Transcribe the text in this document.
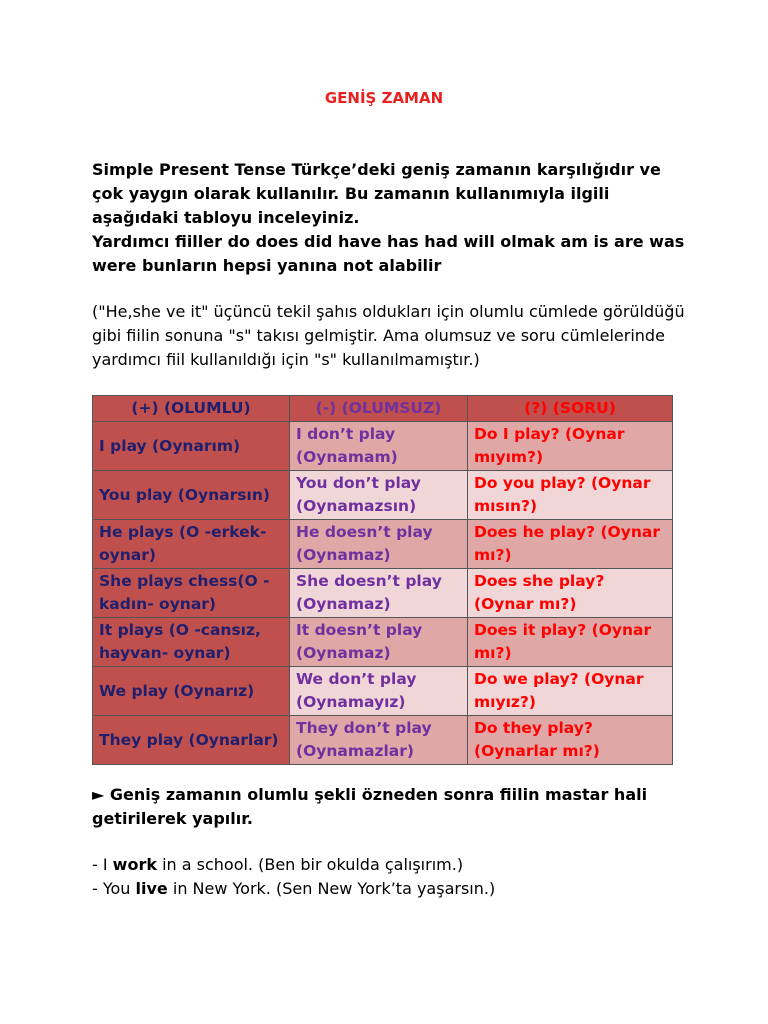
GENİŞ ZAMAN
Simple Present Tense Türkçe’deki geniş zamanın karşılığıdır ve çok yaygın olarak kullanılır. Bu zamanın kullanımıyla ilgili aşağıdaki tabloyu inceleyiniz.
Yardımcı fiiller do does did have has had will olmak am is are was were bunların hepsi yanına not alabilir
("He,she ve it" üçüncü tekil şahıs oldukları için olumlu cümlede görüldüğü gibi fiilin sonuna "s" takısı gelmiştir. Ama olumsuz ve soru cümlelerinde yardımcı fiil kullanıldığı için "s" kullanılmamıştır.)
(+) (OLUMLU)	(-) (OLUMSUZ)	(?) (SORU)
I play (Oynarım)	I don’t play (Oynamam)	Do I play? (Oynar mıyım?)
You play (Oynarsın)	You don’t play (Oynamazsın)	Do you play? (Oynar mısın?)
He plays (O -erkek- oynar)	He doesn’t play (Oynamaz)	Does he play? (Oynar mı?)
She plays chess(O - kadın- oynar)	She doesn’t play (Oynamaz)	Does she play? (Oynar mı?)
It plays (O -cansız, hayvan- oynar)	It doesn’t play (Oynamaz)	Does it play? (Oynar mı?)
We play (Oynarız)	We don’t play (Oynamayız)	Do we play? (Oynar mıyız?)
They play (Oynarlar)	They don’t play (Oynamazlar)	Do they play? (Oynarlar mı?)
► Geniş zamanın olumlu şekli özneden sonra fiilin mastar hali getirilerek yapılır.
- I work in a school. (Ben bir okulda çalışırım.)
- You live in New York. (Sen New York’ta yaşarsın.)
